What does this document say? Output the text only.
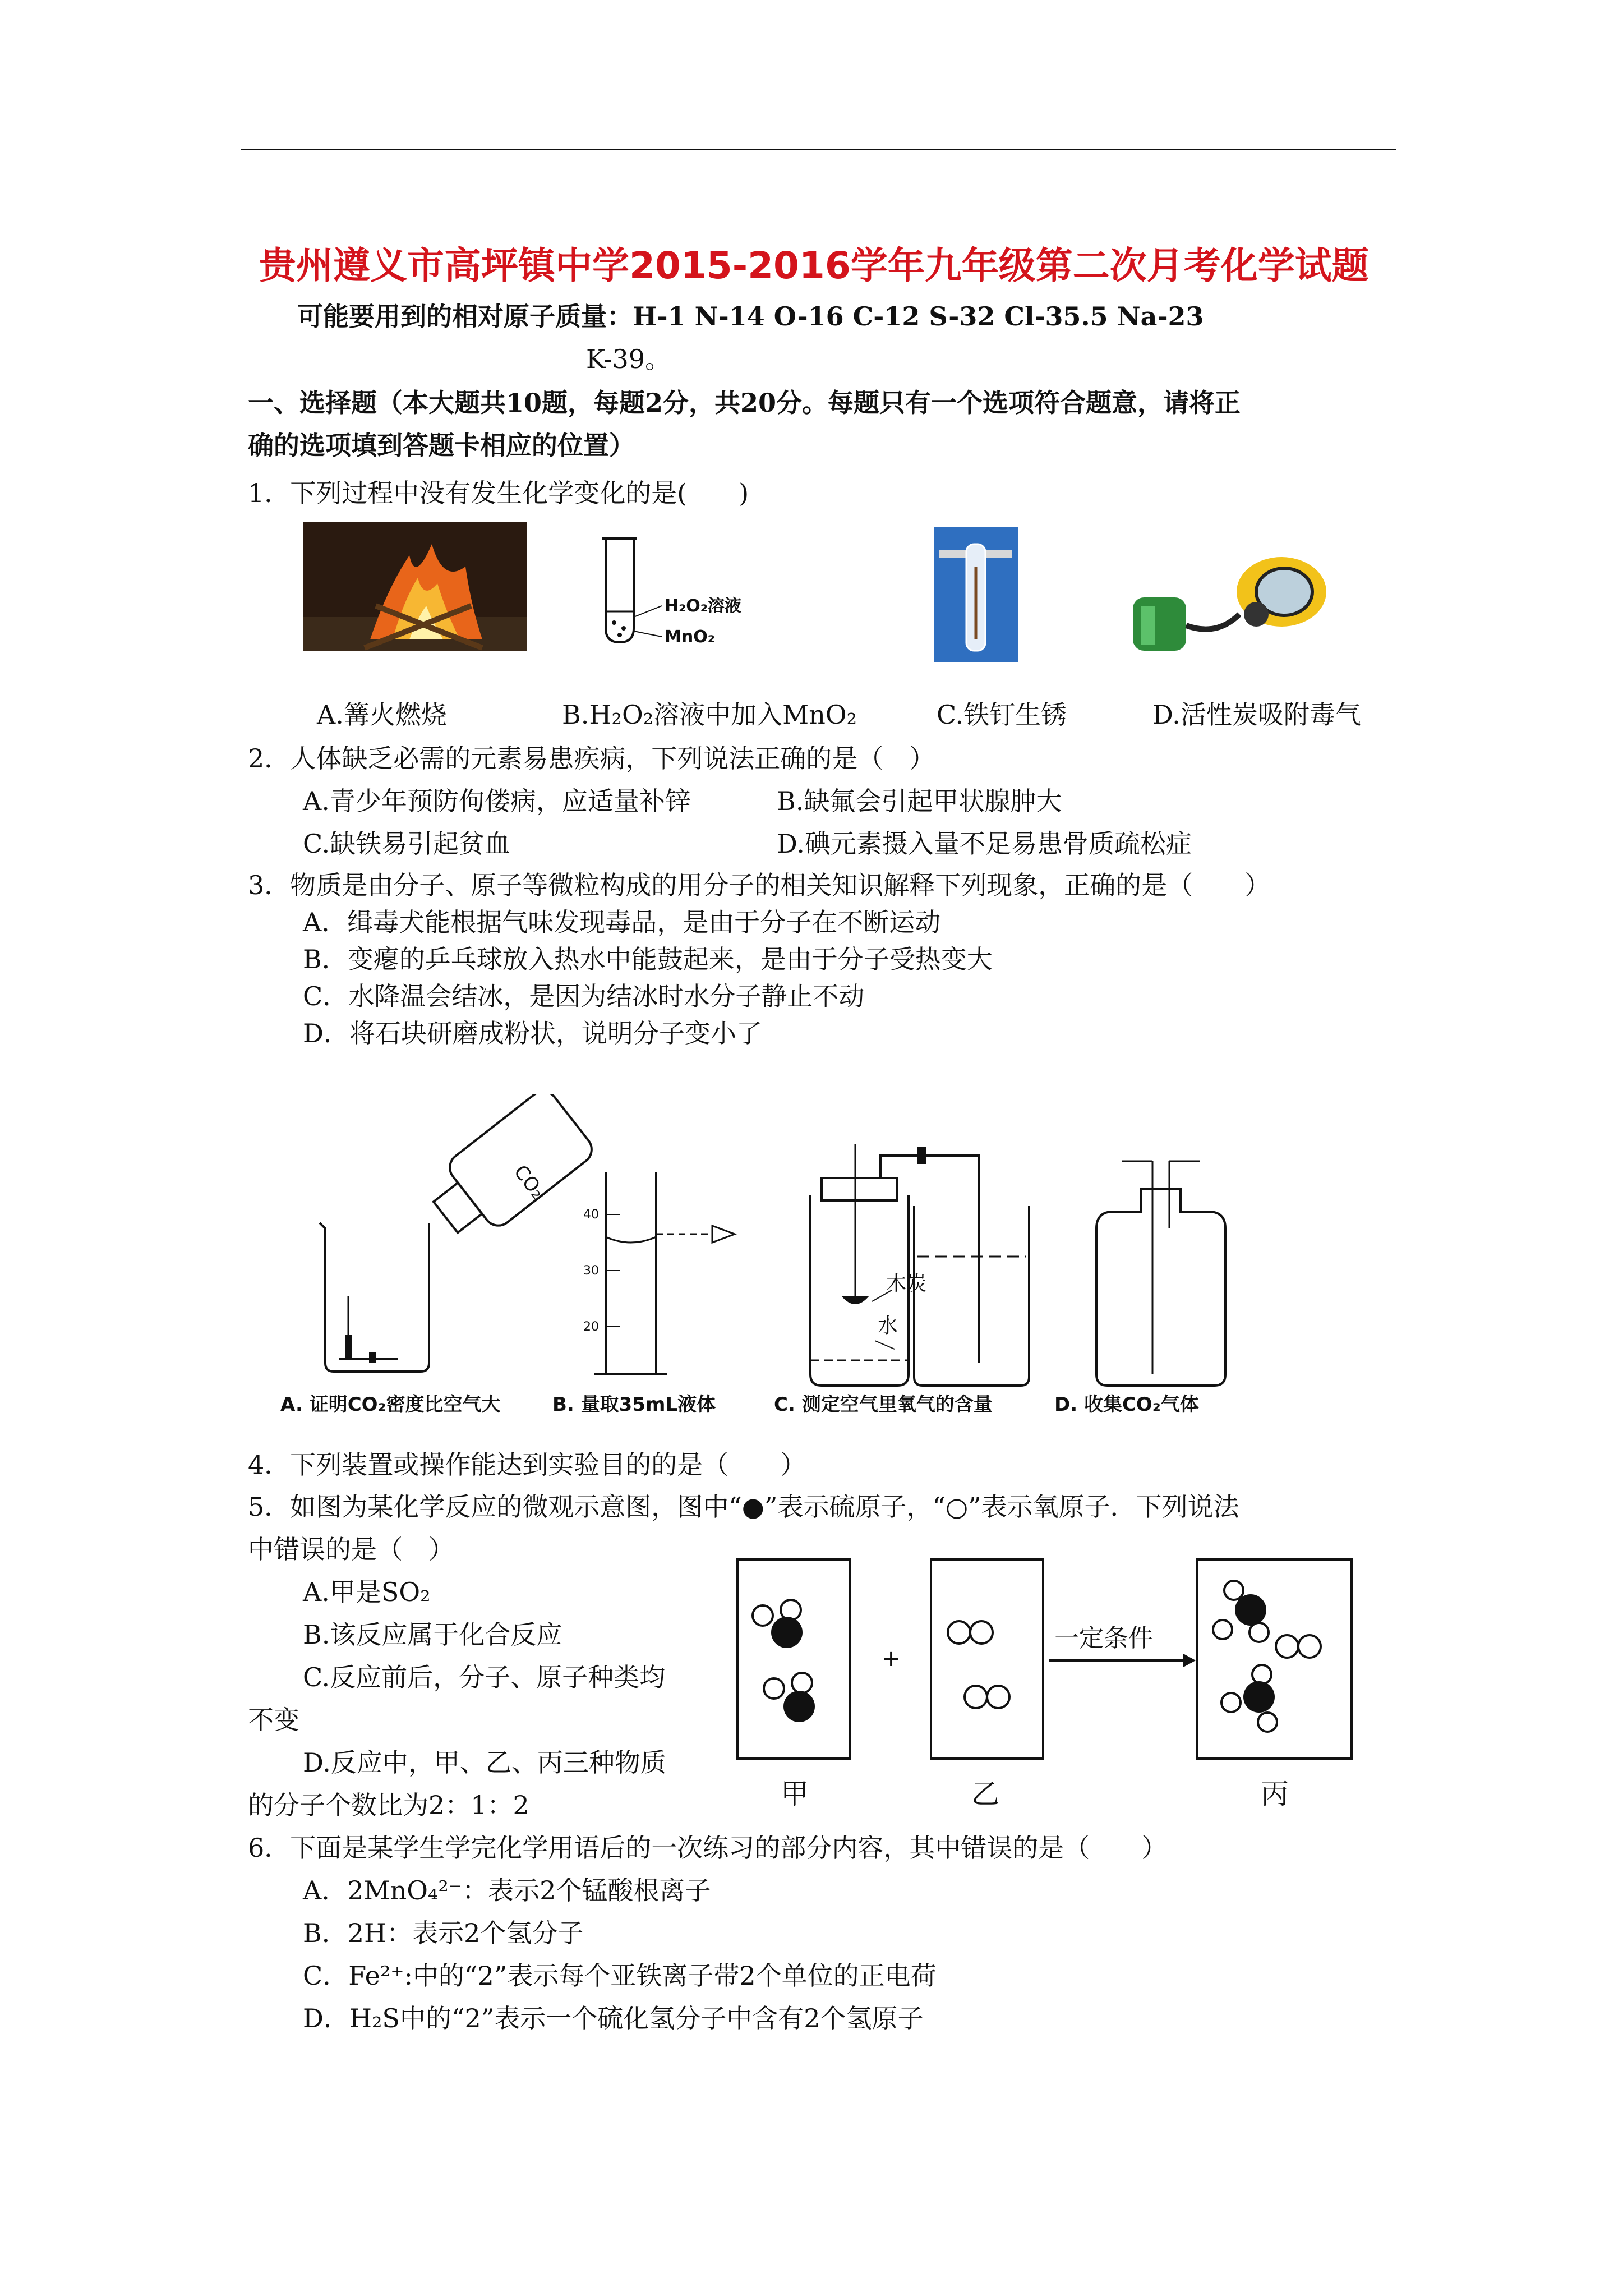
贵州遵义市高坪镇中学2015-2016学年九年级第二次月考化学试题
可能要用到的相对原子质量：H-1 N-14 O-16 C-12 S-32 Cl-35.5 Na-23
K-39。
一、选择题（本大题共10题，每题2分，共20分。每题只有一个选项符合题意，请将正
确的选项填到答题卡相应的位置）
1．下列过程中没有发生化学变化的是(　　)
H₂O₂溶液
MnO₂
A.篝火燃烧	B.H₂O₂溶液中加入MnO₂	C.铁钉生锈	D.活性炭吸附毒气
2．人体缺乏必需的元素易患疾病，下列说法正确的是（　）
A.青少年预防佝偻病，应适量补锌	B.缺氟会引起甲状腺肿大
C.缺铁易引起贫血	D.碘元素摄入量不足易患骨质疏松症
3．物质是由分子、原子等微粒构成的用分子的相关知识解释下列现象，正确的是（　　）
A．缉毒犬能根据气味发现毒品，是由于分子在不断运动
B．变瘪的乒乓球放入热水中能鼓起来，是由于分子受热变大
C．水降温会结冰，是因为结冰时水分子静止不动
D．将石块研磨成粉状，说明分子变小了
CO₂
40
30
20
木炭
水
A. 证明CO₂密度比空气大	B. 量取35mL液体	C. 测定空气里氧气的含量	D. 收集CO₂气体
4．下列装置或操作能达到实验目的的是（　　）
5．如图为某化学反应的微观示意图，图中“●”表示硫原子，“○”表示氧原子．下列说法
中错误的是（　）
A.甲是SO₂
B.该反应属于化合反应
C.反应前后，分子、原子种类均
不变
D.反应中，甲、乙、丙三种物质
的分子个数比为2：1：2
+
一定条件
甲	乙	丙
6．下面是某学生学完化学用语后的一次练习的部分内容，其中错误的是（　　）
A．2MnO₄²⁻：表示2个锰酸根离子
B．2H：表示2个氢分子
C．Fe²⁺:中的“2”表示每个亚铁离子带2个单位的正电荷
D．H₂S中的“2”表示一个硫化氢分子中含有2个氢原子
